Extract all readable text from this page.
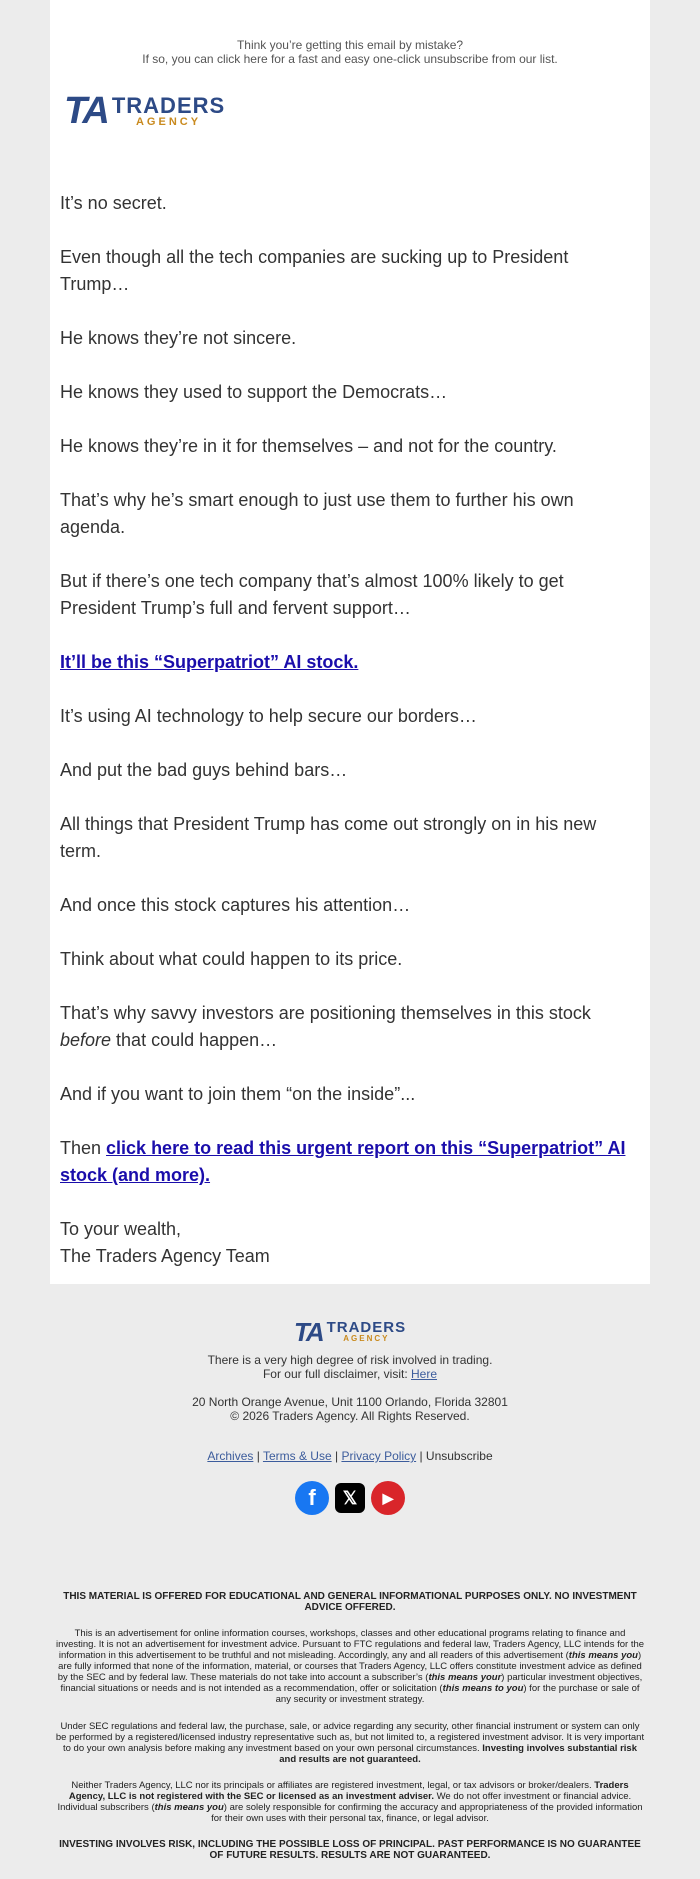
Think you’re getting this email by mistake?
If so, you can click here for a fast and easy one-click unsubscribe from our list.
TA TRADERS
AGENCY

It’s no secret.

Even though all the tech companies are sucking up to President Trump…

He knows they’re not sincere.

He knows they used to support the Democrats…

He knows they’re in it for themselves – and not for the country.

That’s why he’s smart enough to just use them to further his own agenda.

But if there’s one tech company that’s almost 100% likely to get President Trump’s full and fervent support…

It’ll be this “Superpatriot” AI stock.

It’s using AI technology to help secure our borders…

And put the bad guys behind bars…

All things that President Trump has come out strongly on in his new term.

And once this stock captures his attention…

Think about what could happen to its price.

That’s why savvy investors are positioning themselves in this stock before that could happen…

And if you want to join them “on the inside”...

Then click here to read this urgent report on this “Superpatriot” AI stock (and more).

To your wealth,
The Traders Agency Team

TA TRADERS
AGENCY
There is a very high degree of risk involved in trading.
For our full disclaimer, visit: Here
20 North Orange Avenue, Unit 1100 Orlando, Florida 32801
© 2026 Traders Agency. All Rights Reserved.
Archives | Terms & Use | Privacy Policy | Unsubscribe
f	𝕏	▶
THIS MATERIAL IS OFFERED FOR EDUCATIONAL AND GENERAL INFORMATIONAL PURPOSES ONLY. NO INVESTMENT ADVICE OFFERED.
This is an advertisement for online information courses, workshops, classes and other educational programs relating to finance and investing. It is not an advertisement for investment advice. Pursuant to FTC regulations and federal law, Traders Agency, LLC intends for the information in this advertisement to be truthful and not misleading. Accordingly, any and all readers of this advertisement (this means you) are fully informed that none of the information, material, or courses that Traders Agency, LLC offers constitute investment advice as defined by the SEC and by federal law. These materials do not take into account a subscriber’s (this means your) particular investment objectives, financial situations or needs and is not intended as a recommendation, offer or solicitation (this means to you) for the purchase or sale of any security or investment strategy.
Under SEC regulations and federal law, the purchase, sale, or advice regarding any security, other financial instrument or system can only be performed by a registered/licensed industry representative such as, but not limited to, a registered investment advisor. It is very important to do your own analysis before making any investment based on your own personal circumstances. Investing involves substantial risk and results are not guaranteed.
Neither Traders Agency, LLC nor its principals or affiliates are registered investment, legal, or tax advisors or broker/dealers. Traders Agency, LLC is not registered with the SEC or licensed as an investment adviser. We do not offer investment or financial advice. Individual subscribers (this means you) are solely responsible for confirming the accuracy and appropriateness of the provided information for their own uses with their personal tax, finance, or legal advisor.
INVESTING INVOLVES RISK, INCLUDING THE POSSIBLE LOSS OF PRINCIPAL. PAST PERFORMANCE IS NO GUARANTEE OF FUTURE RESULTS. RESULTS ARE NOT GUARANTEED.
